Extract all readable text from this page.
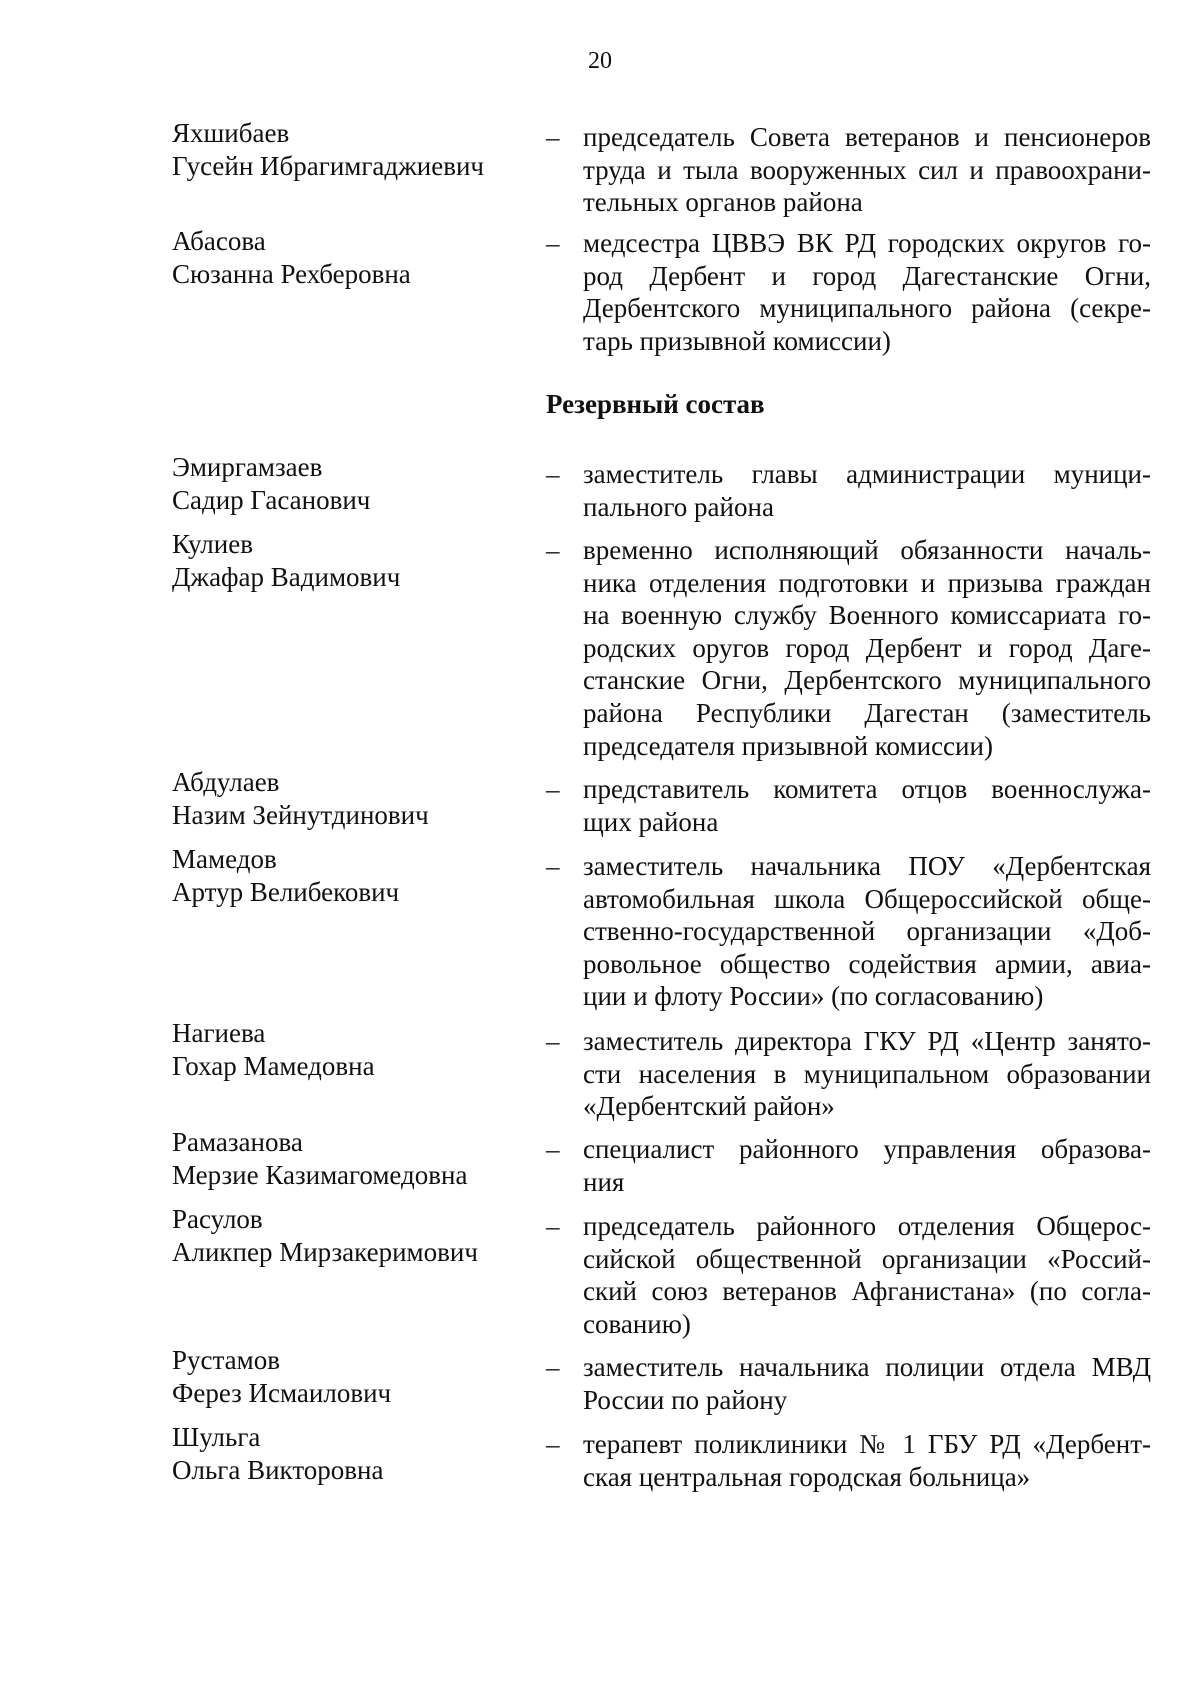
20
Яхшибаев
Гусейн Ибрагимгаджиевич
– председатель Совета ветеранов и пенсионеров
труда и тыла вооруженных сил и правоохрани-
тельных органов района
Абасова
Сюзанна Рехберовна
– медсестра ЦВВЭ ВК РД городских округов го-
род Дербент и город Дагестанские Огни,
Дербентского муниципального района (секре-
тарь призывной комиссии)
Резервный состав
Эмиргамзаев
Садир Гасанович
– заместитель главы администрации муници-
пального района
Кулиев
Джафар Вадимович
– временно исполняющий обязанности началь-
ника отделения подготовки и призыва граждан
на военную службу Военного комиссариата го-
родских оругов город Дербент и город Даге-
станские Огни, Дербентского муниципального
района Республики Дагестан (заместитель
председателя призывной комиссии)
Абдулаев
Назим Зейнутдинович
– представитель комитета отцов военнослужа-
щих района
Мамедов
Артур Велибекович
– заместитель начальника ПОУ «Дербентская
автомобильная школа Общероссийской обще-
ственно-государственной организации «Доб-
ровольное общество содействия армии, авиа-
ции и флоту России» (по согласованию)
Нагиева
Гохар Мамедовна
– заместитель директора ГКУ РД «Центр занято-
сти населения в муниципальном образовании
«Дербентский район»
Рамазанова
Мерзие Казимагомедовна
– специалист районного управления образова-
ния
Расулов
Аликпер Мирзакеримович
– председатель районного отделения Общерос-
сийской общественной организации «Россий-
ский союз ветеранов Афганистана» (по согла-
сованию)
Рустамов
Ферез Исмаилович
– заместитель начальника полиции отдела МВД
России по району
Шульга
Ольга Викторовна
– терапевт поликлиники № 1 ГБУ РД «Дербент-
ская центральная городская больница»
